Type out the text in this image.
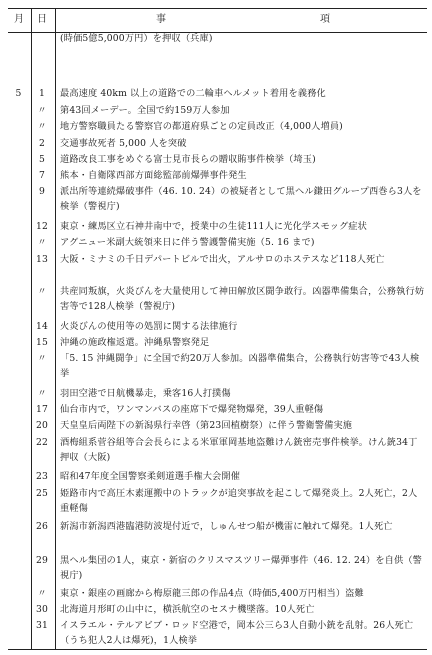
月 日	事	項
(時価5億5,000万円）を押収（兵庫)
5	1	最高速度 40km 以上の道路での二輪車ヘルメット着用を義務化
〃	第43回メーデー。全国で約159万人参加
〃	地方警察職員たる警察官の都道府県ごとの定員改正（4,000人増員)
2	交通事故死者 5,000 人を突破
5	道路改良工事をめぐる富士見市長らの贈収賄事件検挙（埼玉)
7	熊本・自衛隊西部方面総監部前爆弾事件発生
9	派出所等連続爆破事件（46. 10. 24）の被疑者として黒ヘル鎌田グループ西巻ら3人を検挙（警視庁)
12	東京・練馬区立石神井南中で，授業中の生徒111人に光化学スモッグ症状
〃	アグニュー米副大統領来日に伴う警護警備実施（5. 16 まで)
13	大阪・ミナミの千日デパートビルで出火，アルサロのホステスなど118人死亡
〃	共産同叛旗，火炎びんを大量使用して神田解放区闘争敢行。凶器準備集合，公務執行妨害等で128人検挙（警視庁)
14	火炎びんの使用等の処罰に関する法律施行
15	沖縄の施政権返還。沖縄県警察発足
〃	「5. 15 沖縄闘争」に全国で約20万人参加。凶器準備集合，公務執行妨害等で43人検挙
〃	羽田空港で日航機暴走，乗客16人打撲傷
17	仙台市内で，ワンマンバスの座席下で爆発物爆発，39人重軽傷
20	天皇皇后両陛下の新潟県行幸啓（第23回植樹祭）に伴う警衛警備実施
22	酒梅組系菅谷組等合会長らによる米軍軍岡基地盗難けん銃密売事件検挙。けん銃34丁押収（大阪)
23	昭和47年度全国警察柔剣道選手権大会開催
25	姫路市内で高圧木素運搬中のトラックが追突事故を起こして爆発炎上。2人死亡，2人重軽傷
26	新潟市新潟西港臨港防波堤付近で，しゅんせつ船が機雷に触れて爆発。1人死亡
29	黒ヘル集団の1人，東京・新宿のクリスマスツリー爆弾事件（46. 12. 24）を自供（警視庁)
〃	東京・銀座の画廊から梅原龍三郎の作品4点（時価5,400万円相当）盗難
30	北海道月形町の山中に，横浜航空のセスナ機墜落。10人死亡
31	イスラエル・テルアビブ・ロッド空港で，岡本公三ら3人自動小銃を乱射。26人死亡（うち犯人2人は爆死)，1人検挙
